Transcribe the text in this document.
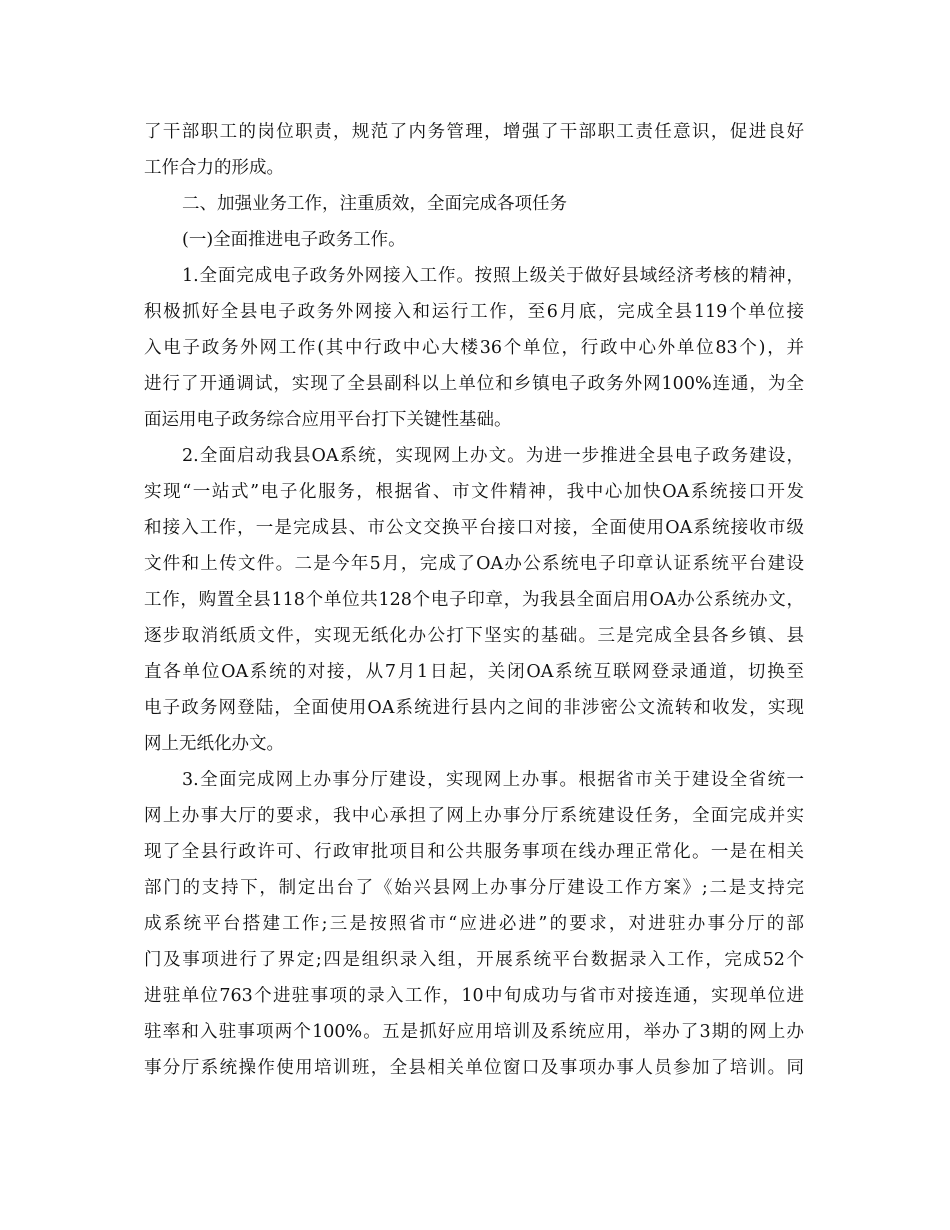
了干部职工的岗位职责，规范了内务管理，增强了干部职工责任意识，促进良好
工作合力的形成。
二、加强业务工作，注重质效，全面完成各项任务
(一)全面推进电子政务工作。
1.全面完成电子政务外网接入工作。按照上级关于做好县域经济考核的精神，
积极抓好全县电子政务外网接入和运行工作，至6月底，完成全县119个单位接
入电子政务外网工作(其中行政中心大楼36个单位，行政中心外单位83个)，并
进行了开通调试，实现了全县副科以上单位和乡镇电子政务外网100%连通，为全
面运用电子政务综合应用平台打下关键性基础。
2.全面启动我县OA系统，实现网上办文。为进一步推进全县电子政务建设，
实现“一站式”电子化服务，根据省、市文件精神，我中心加快OA系统接口开发
和接入工作，一是完成县、市公文交换平台接口对接，全面使用OA系统接收市级
文件和上传文件。二是今年5月，完成了OA办公系统电子印章认证系统平台建设
工作，购置全县118个单位共128个电子印章，为我县全面启用OA办公系统办文，
逐步取消纸质文件，实现无纸化办公打下坚实的基础。三是完成全县各乡镇、县
直各单位OA系统的对接，从7月1日起，关闭OA系统互联网登录通道，切换至
电子政务网登陆，全面使用OA系统进行县内之间的非涉密公文流转和收发，实现
网上无纸化办文。
3.全面完成网上办事分厅建设，实现网上办事。根据省市关于建设全省统一
网上办事大厅的要求，我中心承担了网上办事分厅系统建设任务，全面完成并实
现了全县行政许可、行政审批项目和公共服务事项在线办理正常化。一是在相关
部门的支持下，制定出台了《始兴县网上办事分厅建设工作方案》;二是支持完
成系统平台搭建工作;三是按照省市“应进必进”的要求，对进驻办事分厅的部
门及事项进行了界定;四是组织录入组，开展系统平台数据录入工作，完成52个
进驻单位763个进驻事项的录入工作，10中旬成功与省市对接连通，实现单位进
驻率和入驻事项两个100%。五是抓好应用培训及系统应用，举办了3期的网上办
事分厅系统操作使用培训班，全县相关单位窗口及事项办事人员参加了培训。同
